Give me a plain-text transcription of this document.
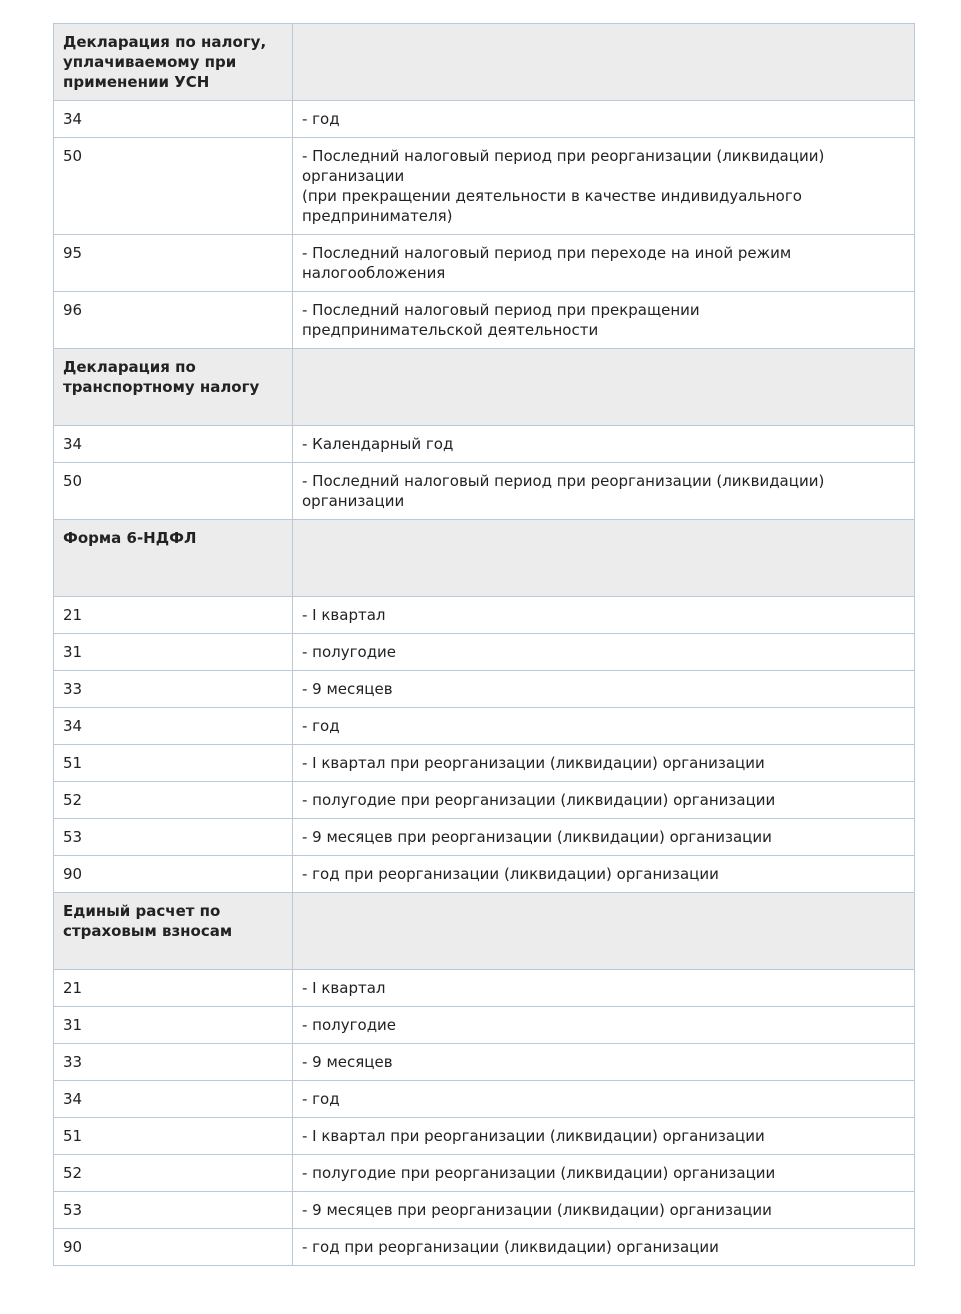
Декларация по налогу,
уплачиваемому при
применении УСН	

34	- год

50	- Последний налоговый период при реорганизации (ликвидации)
организации
(при прекращении деятельности в качестве индивидуального
предпринимателя)

95	- Последний налоговый период при переходе на иной режим
налогообложения

96	- Последний налоговый период при прекращении
предпринимательской деятельности

Декларация по
транспортному налогу	

34	- Календарный год

50	- Последний налоговый период при реорганизации (ликвидации)
организации

Форма 6-НДФЛ	

21	- I квартал

31	- полугодие

33	- 9 месяцев

34	- год

51	- I квартал при реорганизации (ликвидации) организации

52	- полугодие при реорганизации (ликвидации) организации

53	- 9 месяцев при реорганизации (ликвидации) организации

90	- год при реорганизации (ликвидации) организации

Единый расчет по
страховым взносам	

21	- I квартал

31	- полугодие

33	- 9 месяцев

34	- год

51	- I квартал при реорганизации (ликвидации) организации

52	- полугодие при реорганизации (ликвидации) организации

53	- 9 месяцев при реорганизации (ликвидации) организации

90	- год при реорганизации (ликвидации) организации
